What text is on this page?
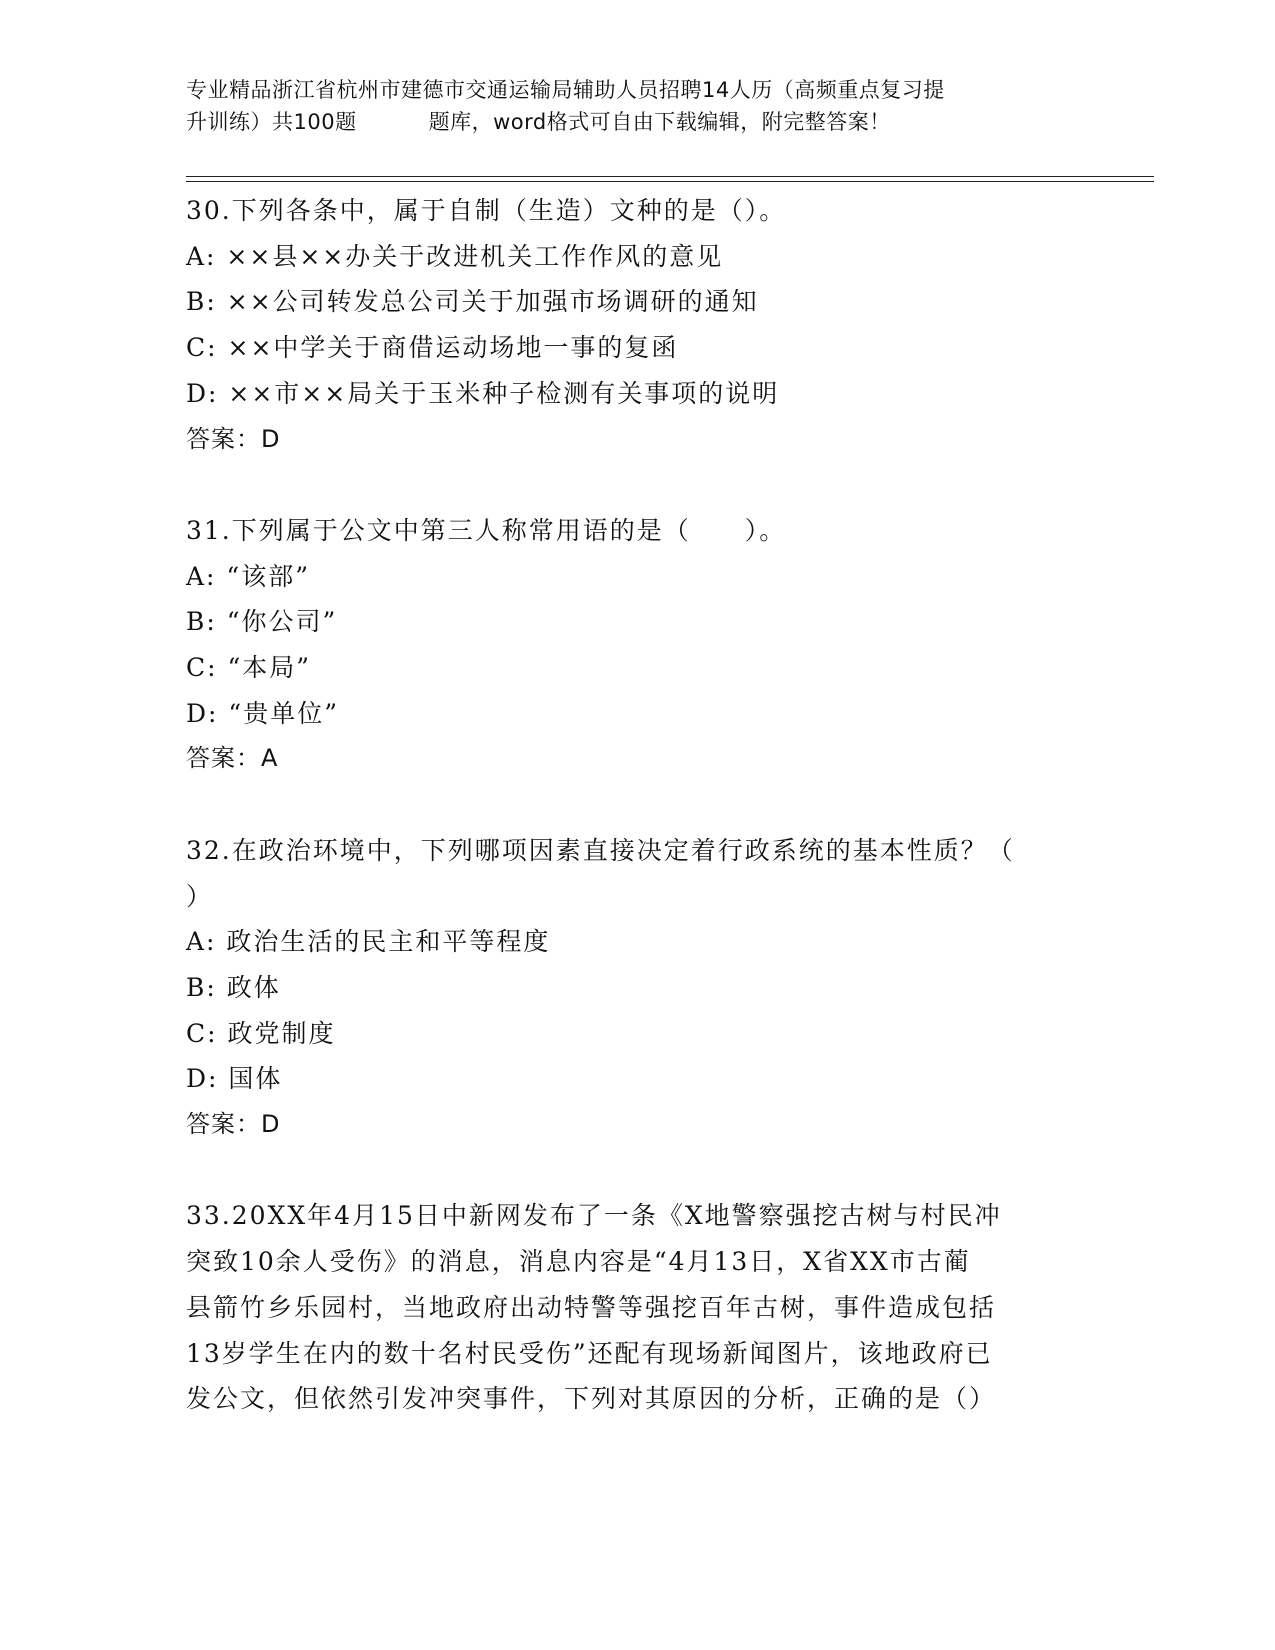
专业精品浙江省杭州市建德市交通运输局辅助人员招聘14人历（高频重点复习提
升训练）共100题	题库，word格式可自由下载编辑，附完整答案！
30.下列各条中，属于自制（生造）文种的是（）。
A: ××县××办关于改进机关工作作风的意见
B: ××公司转发总公司关于加强市场调研的通知
C: ××中学关于商借运动场地一事的复函
D: ××市××局关于玉米种子检测有关事项的说明
答案：D
31.下列属于公文中第三人称常用语的是（　　）。
A: “该部”
B: “你公司”
C: “本局”
D: “贵单位”
答案：A
32.在政治环境中，下列哪项因素直接决定着行政系统的基本性质？（
）
A: 政治生活的民主和平等程度
B: 政体
C: 政党制度
D: 国体
答案：D
33.20XX年4月15日中新网发布了一条《X地警察强挖古树与村民冲
突致10余人受伤》的消息，消息内容是“4月13日，X省XX市古蔺
县箭竹乡乐园村，当地政府出动特警等强挖百年古树，事件造成包括
13岁学生在内的数十名村民受伤”还配有现场新闻图片，该地政府已
发公文，但依然引发冲突事件，下列对其原因的分析，正确的是（）
